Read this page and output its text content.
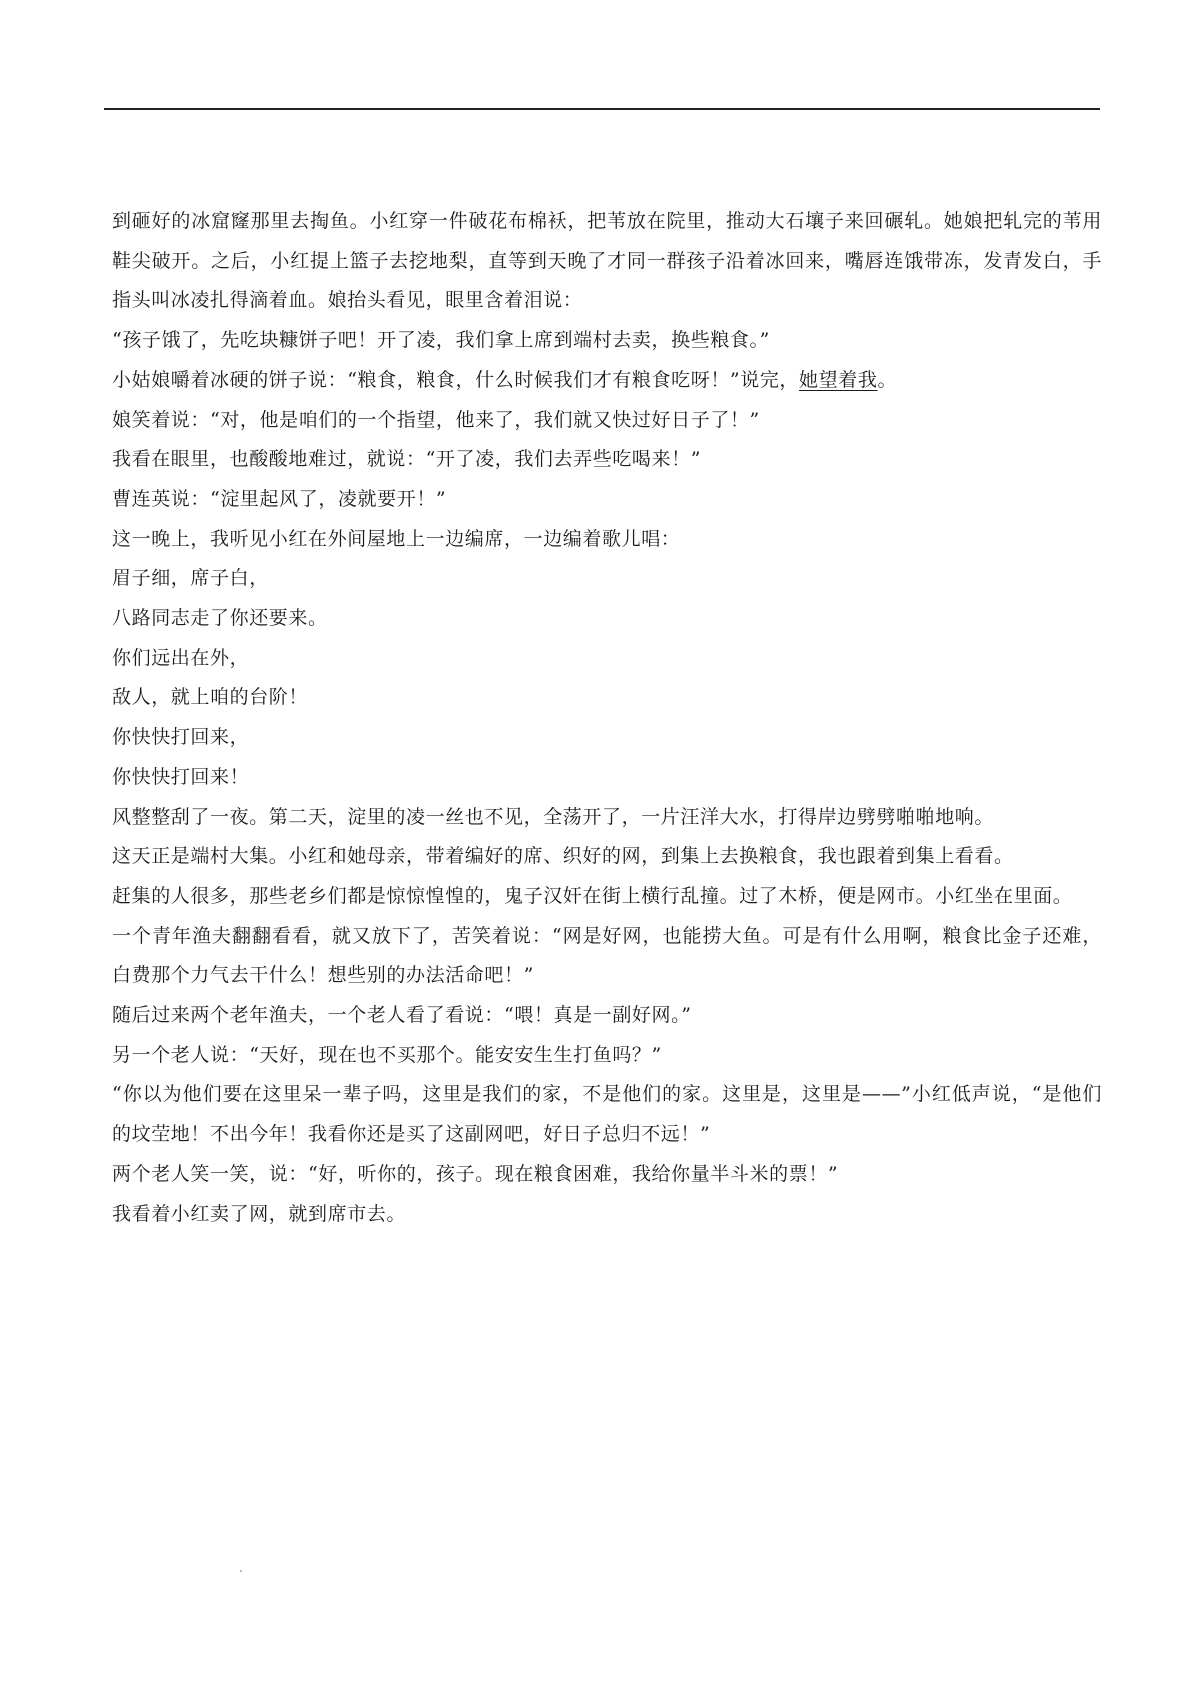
到砸好的冰窟窿那里去掏鱼。小红穿一件破花布棉袄，把苇放在院里，推动大石壤子来回碾轧。她娘把轧完的苇用鞋尖破开。之后，小红提上篮子去挖地梨，直等到天晚了才同一群孩子沿着冰回来，嘴唇连饿带冻，发青发白，手指头叫冰凌扎得滴着血。娘抬头看见，眼里含着泪说：

“孩子饿了，先吃块糠饼子吧！开了凌，我们拿上席到端村去卖，换些粮食。”

小姑娘嚼着冰硬的饼子说：“粮食，粮食，什么时候我们才有粮食吃呀！”说完，她望着我。

娘笑着说：“对，他是咱们的一个指望，他来了，我们就又快过好日子了！”

我看在眼里，也酸酸地难过，就说：“开了凌，我们去弄些吃喝来！”

曹连英说：“淀里起风了，凌就要开！”

这一晚上，我听见小红在外间屋地上一边编席，一边编着歌儿唱：

眉子细，席子白，

八路同志走了你还要来。

你们远出在外，

敌人，就上咱的台阶！

你快快打回来，

你快快打回来！

风整整刮了一夜。第二天，淀里的凌一丝也不见，全荡开了，一片汪洋大水，打得岸边劈劈啪啪地响。

这天正是端村大集。小红和她母亲，带着编好的席、织好的网，到集上去换粮食，我也跟着到集上看看。

赶集的人很多，那些老乡们都是惊惊惶惶的，鬼子汉奸在街上横行乱撞。过了木桥，便是网市。小红坐在里面。

一个青年渔夫翻翻看看，就又放下了，苦笑着说：“网是好网，也能捞大鱼。可是有什么用啊，粮食比金子还难，白费那个力气去干什么！想些别的办法活命吧！”

随后过来两个老年渔夫，一个老人看了看说：“喂！真是一副好网。”

另一个老人说：“天好，现在也不买那个。能安安生生打鱼吗？”

“你以为他们要在这里呆一辈子吗，这里是我们的家，不是他们的家。这里是，这里是——”小红低声说，“是他们的坟茔地！不出今年！我看你还是买了这副网吧，好日子总归不远！”

两个老人笑一笑，说：“好，听你的，孩子。现在粮食困难，我给你量半斗米的票！”

我看着小红卖了网，就到席市去。
